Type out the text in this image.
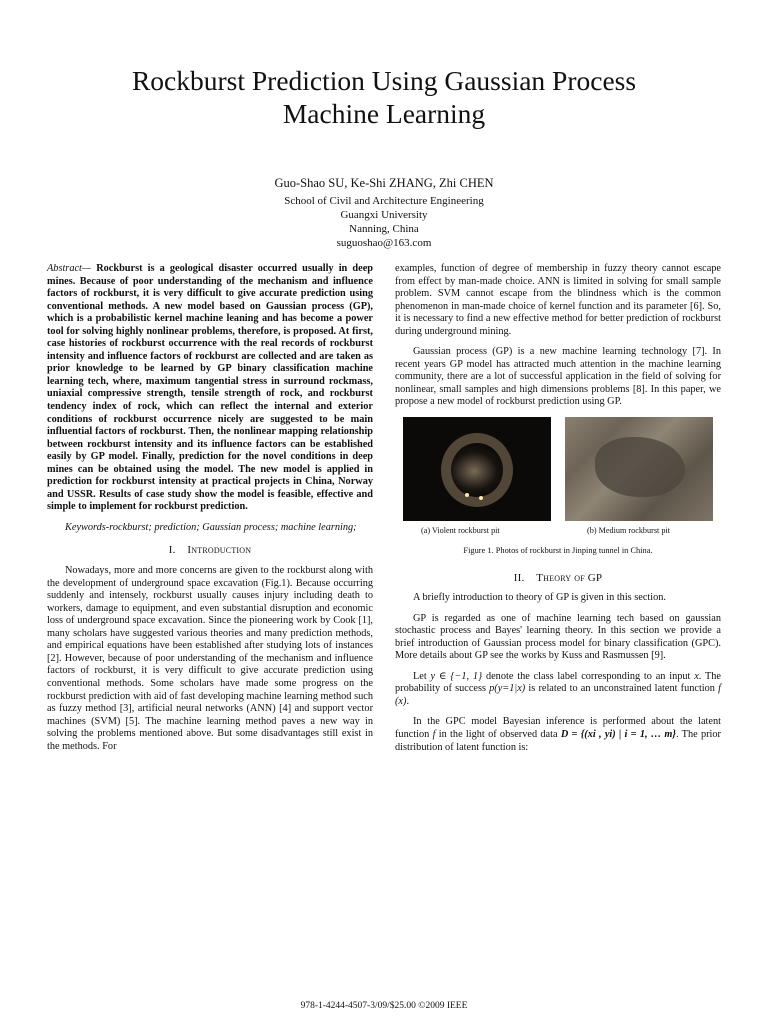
Rockburst Prediction Using Gaussian Process
Machine Learning
Guo-Shao SU, Ke-Shi ZHANG, Zhi CHEN
School of Civil and Architecture Engineering
Guangxi University
Nanning, China
suguoshao@163.com

Abstract— Rockburst is a geological disaster occurred usually in deep mines. Because of poor understanding of the mechanism and influence factors of rockburst, it is very difficult to give accurate prediction using conventional methods. A new model based on Gaussian process (GP), which is a probabilistic kernel machine leaning and has become a power tool for solving highly nonlinear problems, therefore, is proposed. At first, case histories of rockburst occurrence with the real records of rockburst intensity and influence factors of rockburst are collected and are taken as prior knowledge to be learned by GP binary classification machine learning tech, where, maximum tangential stress in surround rockmass, uniaxial compressive strength, tensile strength of rock, and rockburst tendency index of rock, which can reflect the internal and exterior conditions of rockburst occurrence nicely are suggested to be main influential factors of rockburst. Then, the nonlinear mapping relationship between rockburst intensity and its influence factors can be established easily by GP model. Finally, prediction for the novel conditions in deep mines can be obtained using the model. The new model is applied in prediction for rockburst intensity at practical projects in China, Norway and USSR. Results of case study show the model is feasible, effective and simple to implement for rockburst prediction.

Keywords-rockburst; prediction; Gaussian process; machine learning;

I. Introduction

Nowadays, more and more concerns are given to the rockburst along with the development of underground space excavation (Fig.1). Because occurring suddenly and intensely, rockburst usually causes injury including death to workers, damage to equipment, and even substantial disruption and economic loss of underground space excavation. Since the pioneering work by Cook [1], many scholars have suggested various theories and many prediction methods, and empirical equations have been established after studying lots of instances [2]. However, because of poor understanding of the mechanism and influence factors of rockburst, it is very difficult to give accurate prediction using conventional methods. Some scholars have made some progress on the rockburst prediction with aid of fast developing machine learning method such as fuzzy method [3], artificial neural networks (ANN) [4] and support vector machines (SVM) [5]. The machine learning method paves a new way in solving the problems mentioned above. But some disadvantages still exist in the methods. For

examples, function of degree of membership in fuzzy theory cannot escape from effect by man-made choice. ANN is limited in solving for small sample problem. SVM cannot escape from the blindness which is the common phenomenon in man-made choice of kernel function and its parameter [6]. So, it is necessary to find a new effective method for better prediction of rockburst during underground mining.

Gaussian process (GP) is a new machine learning technology [7]. In recent years GP model has attracted much attention in the machine learning community, there are a lot of successful application in the field of solving for nonlinear, small samples and high dimensions problems [8]. In this paper, we propose a new model of rockburst prediction using GP.

(a) Violent rockburst pit	(b) Medium rockburst pit
Figure 1. Photos of rockburst in Jinping tunnel in China.
II. Theory of GP

A briefly introduction to theory of GP is given in this section.

GP is regarded as one of machine learning tech based on gaussian stochastic process and Bayes' learning theory. In this section we provide a brief introduction of Gaussian process model for binary classification (GPC). More details about GP see the works by Kuss and Rasmussen [9].

Let y ∈ {−1, 1} denote the class label corresponding to an input x. The probability of success p(y=1|x) is related to an unconstrained latent function f (x).

In the GPC model Bayesian inference is performed about the latent function f in the light of observed data D = {(xi , yi) | i = 1, … m}. The prior distribution of latent function is:

978-1-4244-4507-3/09/$25.00 ©2009 IEEE
